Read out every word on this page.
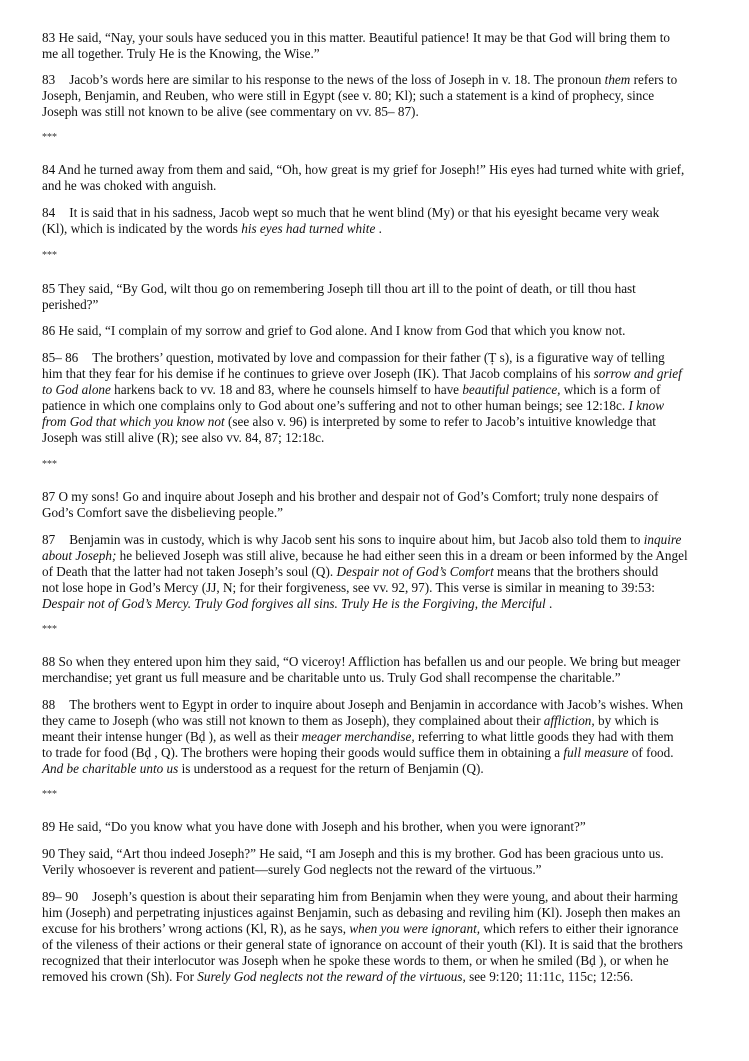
83 He said, “Nay, your souls have seduced you in this matter. Beautiful patience! It may be that God will bring them to
me all together. Truly He is the Knowing, the Wise.”
83 Jacob’s words here are similar to his response to the news of the loss of Joseph in v. 18. The pronoun them refers to
Joseph, Benjamin, and Reuben, who were still in Egypt (see v. 80; Kl); such a statement is a kind of prophecy, since
Joseph was still not known to be alive (see commentary on vv. 85– 87).
***
84 And he turned away from them and said, “Oh, how great is my grief for Joseph!” His eyes had turned white with grief,
and he was choked with anguish.
84 It is said that in his sadness, Jacob wept so much that he went blind (My) or that his eyesight became very weak
(Kl), which is indicated by the words his eyes had turned white .
***
85 They said, “By God, wilt thou go on remembering Joseph till thou art ill to the point of death, or till thou hast
perished?”
86 He said, “I complain of my sorrow and grief to God alone. And I know from God that which you know not.
85– 86 The brothers’ question, motivated by love and compassion for their father (Ṭ s), is a figurative way of telling
him that they fear for his demise if he continues to grieve over Joseph (IK). That Jacob complains of his sorrow and grief
to God alone harkens back to vv. 18 and 83, where he counsels himself to have beautiful patience, which is a form of
patience in which one complains only to God about one’s suffering and not to other human beings; see 12:18c. I know
from God that which you know not (see also v. 96) is interpreted by some to refer to Jacob’s intuitive knowledge that
Joseph was still alive (R); see also vv. 84, 87; 12:18c.
***
87 O my sons! Go and inquire about Joseph and his brother and despair not of God’s Comfort; truly none despairs of
God’s Comfort save the disbelieving people.”
87 Benjamin was in custody, which is why Jacob sent his sons to inquire about him, but Jacob also told them to inquire
about Joseph; he believed Joseph was still alive, because he had either seen this in a dream or been informed by the Angel
of Death that the latter had not taken Joseph’s soul (Q). Despair not of God’s Comfort means that the brothers should
not lose hope in God’s Mercy (JJ, N; for their forgiveness, see vv. 92, 97). This verse is similar in meaning to 39:53:
Despair not of God’s Mercy. Truly God forgives all sins. Truly He is the Forgiving, the Merciful .
***
88 So when they entered upon him they said, “O viceroy! Affliction has befallen us and our people. We bring but meager
merchandise; yet grant us full measure and be charitable unto us. Truly God shall recompense the charitable.”
88 The brothers went to Egypt in order to inquire about Joseph and Benjamin in accordance with Jacob’s wishes. When
they came to Joseph (who was still not known to them as Joseph), they complained about their affliction, by which is
meant their intense hunger (Bḍ ), as well as their meager merchandise, referring to what little goods they had with them
to trade for food (Bḍ , Q). The brothers were hoping their goods would suffice them in obtaining a full measure of food.
And be charitable unto us is understood as a request for the return of Benjamin (Q).
***
89 He said, “Do you know what you have done with Joseph and his brother, when you were ignorant?”
90 They said, “Art thou indeed Joseph?” He said, “I am Joseph and this is my brother. God has been gracious unto us.
Verily whosoever is reverent and patient—surely God neglects not the reward of the virtuous.”
89– 90 Joseph’s question is about their separating him from Benjamin when they were young, and about their harming
him (Joseph) and perpetrating injustices against Benjamin, such as debasing and reviling him (Kl). Joseph then makes an
excuse for his brothers’ wrong actions (Kl, R), as he says, when you were ignorant, which refers to either their ignorance
of the vileness of their actions or their general state of ignorance on account of their youth (Kl). It is said that the brothers
recognized that their interlocutor was Joseph when he spoke these words to them, or when he smiled (Bḍ ), or when he
removed his crown (Sh). For Surely God neglects not the reward of the virtuous, see 9:120; 11:11c, 115c; 12:56.
